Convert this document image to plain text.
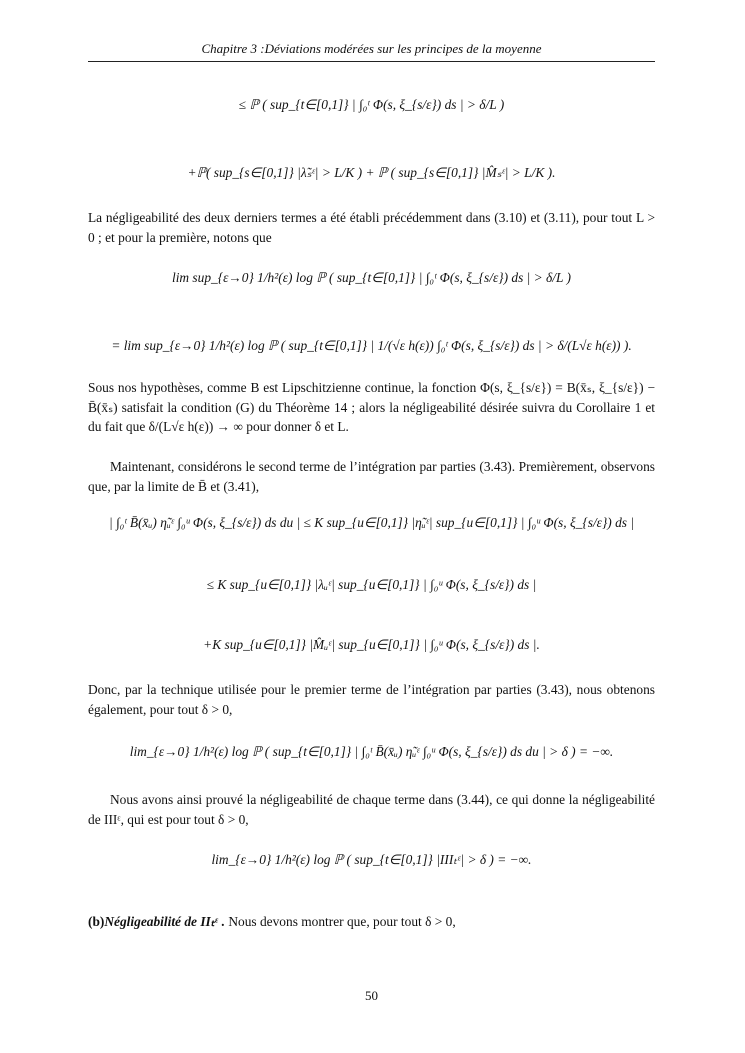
Chapitre 3 :Déviations modérées sur les principes de la moyenne
≤ ℙ ( sup_{t∈[0,1]} | ∫₀ᵗ Φ(s, ξ_{s/ε}) ds | > δ/L )
+ℙ( sup_{s∈[0,1]} |λ̃ₛᵋ| > L/K ) + ℙ ( sup_{s∈[0,1]} |M̂ₛᵋ| > L/K ).
La négligeabilité des deux derniers termes a été établi précédemment dans (3.10) et (3.11), pour tout L > 0 ; et pour la première, notons que
lim sup_{ε→0} 1/h²(ε) log ℙ ( sup_{t∈[0,1]} | ∫₀ᵗ Φ(s, ξ_{s/ε}) ds | > δ/L )
= lim sup_{ε→0} 1/h²(ε) log ℙ ( sup_{t∈[0,1]} | 1/(√ε h(ε)) ∫₀ᵗ Φ(s, ξ_{s/ε}) ds | > δ/(L√ε h(ε)) ).
Sous nos hypothèses, comme B est Lipschitzienne continue, la fonction Φ(s, ξ_{s/ε}) = B(x̄ₛ, ξ_{s/ε}) − B̄(x̄ₛ) satisfait la condition (G) du Théorème 14 ; alors la négligeabilité désirée suivra du Corollaire 1 et du fait que δ/(L√ε h(ε)) → ∞ pour donner δ et L.
Maintenant, considérons le second terme de l’intégration par parties (3.43). Premièrement, observons que, par la limite de B̄ et (3.41),
| ∫₀ᵗ B̄(x̄ᵤ) η̃ᵤᵋ ∫₀ᵘ Φ(s, ξ_{s/ε}) ds du | ≤ K sup_{u∈[0,1]} |η̃ᵤᵋ| sup_{u∈[0,1]} | ∫₀ᵘ Φ(s, ξ_{s/ε}) ds |
≤ K sup_{u∈[0,1]} |λᵤᵋ| sup_{u∈[0,1]} | ∫₀ᵘ Φ(s, ξ_{s/ε}) ds |
+K sup_{u∈[0,1]} |M̂ᵤᵋ| sup_{u∈[0,1]} | ∫₀ᵘ Φ(s, ξ_{s/ε}) ds |.
Donc, par la technique utilisée pour le premier terme de l’intégration par parties (3.43), nous obtenons également, pour tout δ > 0,
lim_{ε→0} 1/h²(ε) log ℙ ( sup_{t∈[0,1]} | ∫₀ᵗ B̄(x̄ᵤ) η̃ᵤᵋ ∫₀ᵘ Φ(s, ξ_{s/ε}) ds du | > δ ) = −∞.
Nous avons ainsi prouvé la négligeabilité de chaque terme dans (3.44), ce qui donne la négligeabilité de IIIᵋ, qui est pour tout δ > 0,
lim_{ε→0} 1/h²(ε) log ℙ ( sup_{t∈[0,1]} |IIIₜᵋ| > δ ) = −∞.
(b)Négligeabilité de IIₜᵋ . Nous devons montrer que, pour tout δ > 0,
50
